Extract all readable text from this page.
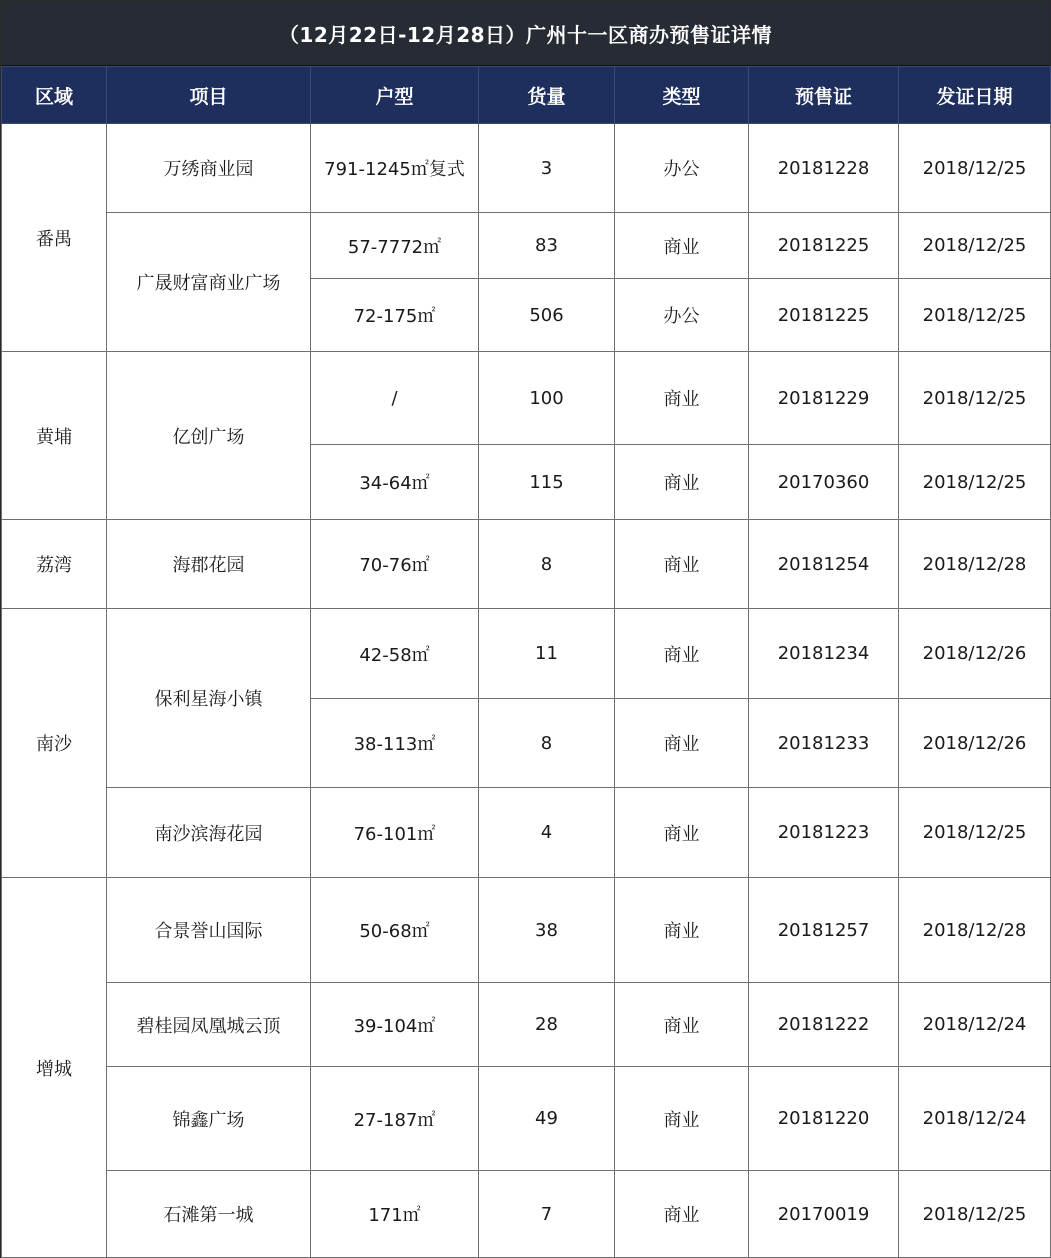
（12月22日-12月28日）广州十一区商办预售证详情
区域	项目	户型	货量	类型	预售证	发证日期
番禺	万绣商业园	791-1245㎡复式	3	办公	20181228	2018/12/25
	广晟财富商业广场	57-7772㎡	83	商业	20181225	2018/12/25
		72-175㎡	506	办公	20181225	2018/12/25
黄埔	亿创广场	/	100	商业	20181229	2018/12/25
		34-64㎡	115	商业	20170360	2018/12/25
荔湾	海郡花园	70-76㎡	8	商业	20181254	2018/12/28
南沙	保利星海小镇	42-58㎡	11	商业	20181234	2018/12/26
		38-113㎡	8	商业	20181233	2018/12/26
	南沙滨海花园	76-101㎡	4	商业	20181223	2018/12/25
增城	合景誉山国际	50-68㎡	38	商业	20181257	2018/12/28
	碧桂园凤凰城云顶	39-104㎡	28	商业	20181222	2018/12/24
	锦鑫广场	27-187㎡	49	商业	20181220	2018/12/24
	石滩第一城	171㎡	7	商业	20170019	2018/12/25
